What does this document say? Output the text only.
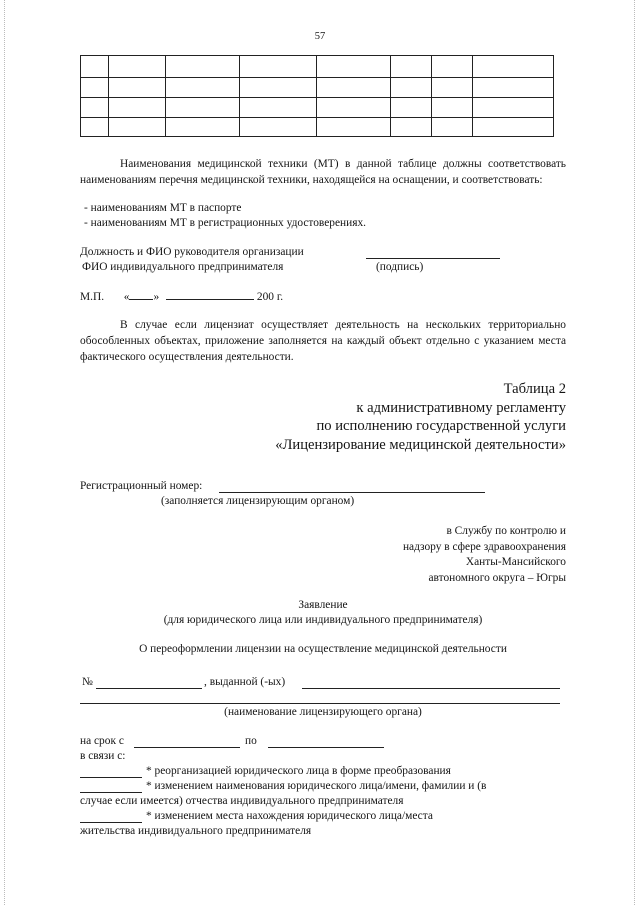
57
Наименования медицинской техники (МТ) в данной таблице должны соответствовать наименованиям перечня медицинской техники, находящейся на оснащении, и соответствовать:
- наименованиям МТ в паспорте
- наименованиям МТ в регистрационных удостоверениях.
Должность и ФИО руководителя организации
ФИО индивидуального предпринимателя	(подпись)
М.П. « »	200 г.
В случае если лицензиат осуществляет деятельность на нескольких территориально обособленных объектах, приложение заполняется на каждый объект отдельно с указанием места фактического осуществления деятельности.
Таблица 2
к административному регламенту
по исполнению государственной услуги
«Лицензирование медицинской деятельности»
Регистрационный номер:
(заполняется лицензирующим органом)
в Службу по контролю и
надзору в сфере здравоохранения
Ханты-Мансийского
автономного округа – Югры
Заявление
(для юридического лица или индивидуального предпринимателя)
О переоформлении лицензии на осуществление медицинской деятельности
№	, выданной (-ых)
(наименование лицензирующего органа)
на срок с	по
в связи с:
* реорганизацией юридического лица в форме преобразования
* изменением наименования юридического лица/имени, фамилии и (в
случае если имеется) отчества индивидуального предпринимателя
* изменением места нахождения юридического лица/места
жительства индивидуального предпринимателя
